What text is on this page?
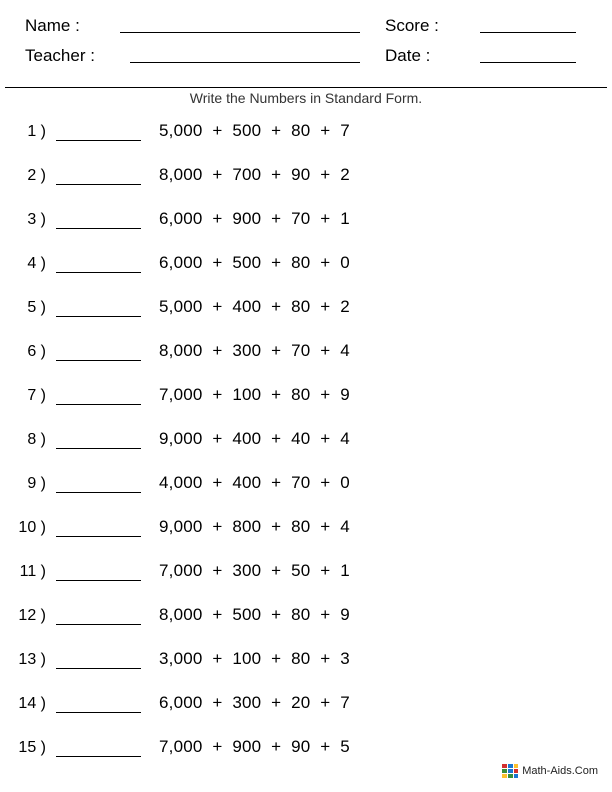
Name :	Score :
Teacher :	Date :
Write the Numbers in Standard Form.
1 )	5,000  +  500  +  80  +  7
2 )	8,000  +  700  +  90  +  2
3 )	6,000  +  900  +  70  +  1
4 )	6,000  +  500  +  80  +  0
5 )	5,000  +  400  +  80  +  2
6 )	8,000  +  300  +  70  +  4
7 )	7,000  +  100  +  80  +  9
8 )	9,000  +  400  +  40  +  4
9 )	4,000  +  400  +  70  +  0
10 )	9,000  +  800  +  80  +  4
11 )	7,000  +  300  +  50  +  1
12 )	8,000  +  500  +  80  +  9
13 )	3,000  +  100  +  80  +  3
14 )	6,000  +  300  +  20  +  7
15 )	7,000  +  900  +  90  +  5
Math-Aids.Com
